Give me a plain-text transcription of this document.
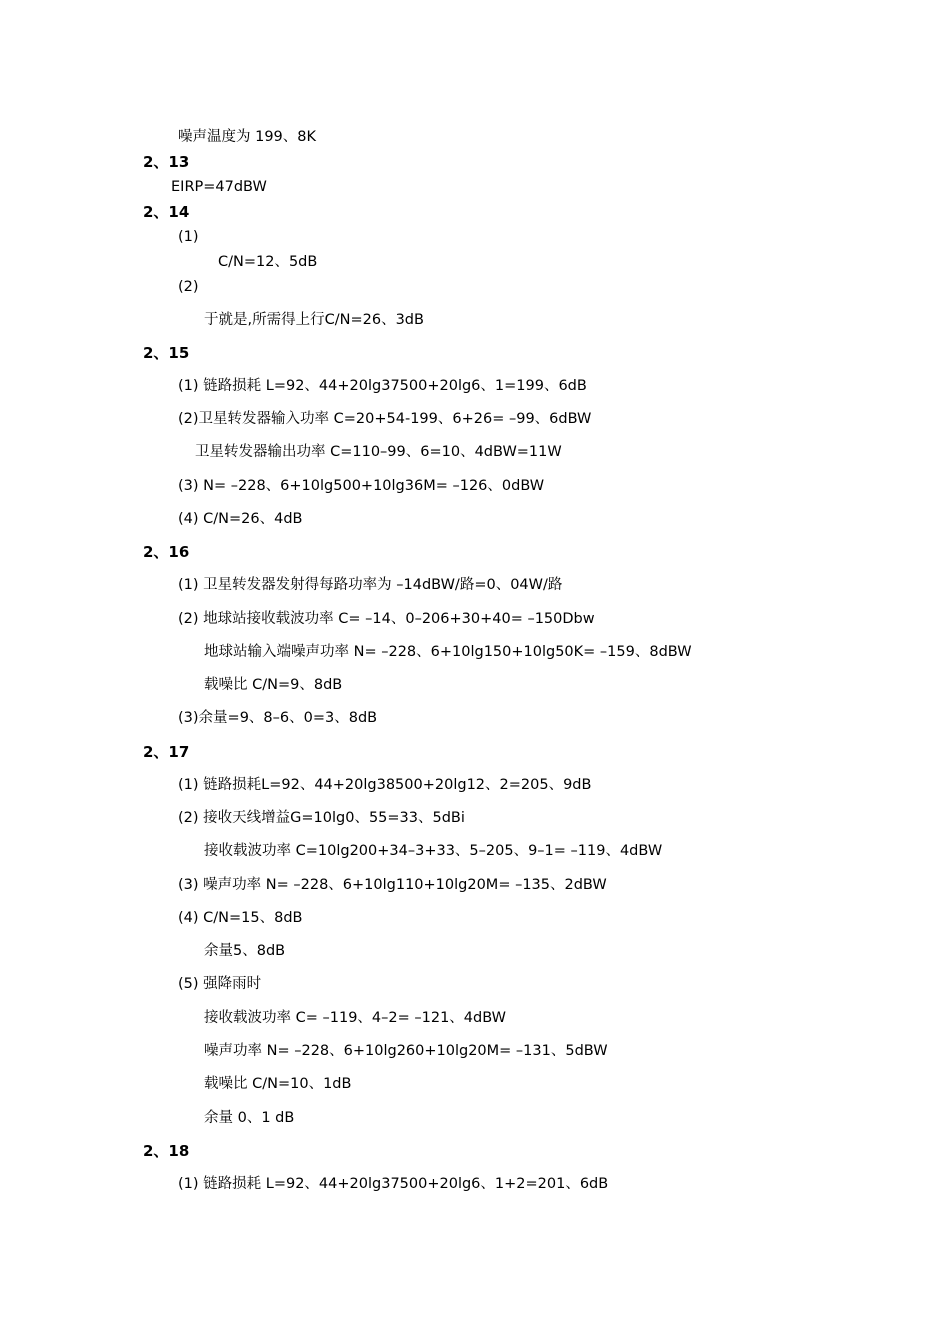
噪声温度为 199、8K
2、13
EIRP=47dBW
2、14
(1)
C/N=12、5dB
(2)
于就是,所需得上行C/N=26、3dB
2、15
(1) 链路损耗 L=92、44+20lg37500+20lg6、1=199、6dB
(2)卫星转发器输入功率 C=20+54-199、6+26= –99、6dBW
卫星转发器输出功率 C=110–99、6=10、4dBW=11W
(3) N= –228、6+10lg500+10lg36M= –126、0dBW
(4) C/N=26、4dB
2、16
(1) 卫星转发器发射得每路功率为 –14dBW/路=0、04W/路
(2) 地球站接收载波功率 C= –14、0–206+30+40= –150Dbw
地球站输入端噪声功率 N= –228、6+10lg150+10lg50K= –159、8dBW
载噪比 C/N=9、8dB
(3)余量=9、8–6、0=3、8dB
2、17
(1) 链路损耗L=92、44+20lg38500+20lg12、2=205、9dB
(2) 接收天线增益G=10lg0、55=33、5dBi
接收载波功率 C=10lg200+34–3+33、5–205、9–1= –119、4dBW
(3) 噪声功率 N= –228、6+10lg110+10lg20M= –135、2dBW
(4) C/N=15、8dB
余量5、8dB
(5) 强降雨时
接收载波功率 C= –119、4–2= –121、4dBW
噪声功率 N= –228、6+10lg260+10lg20M= –131、5dBW
载噪比 C/N=10、1dB
余量 0、1 dB
2、18
(1) 链路损耗 L=92、44+20lg37500+20lg6、1+2=201、6dB
